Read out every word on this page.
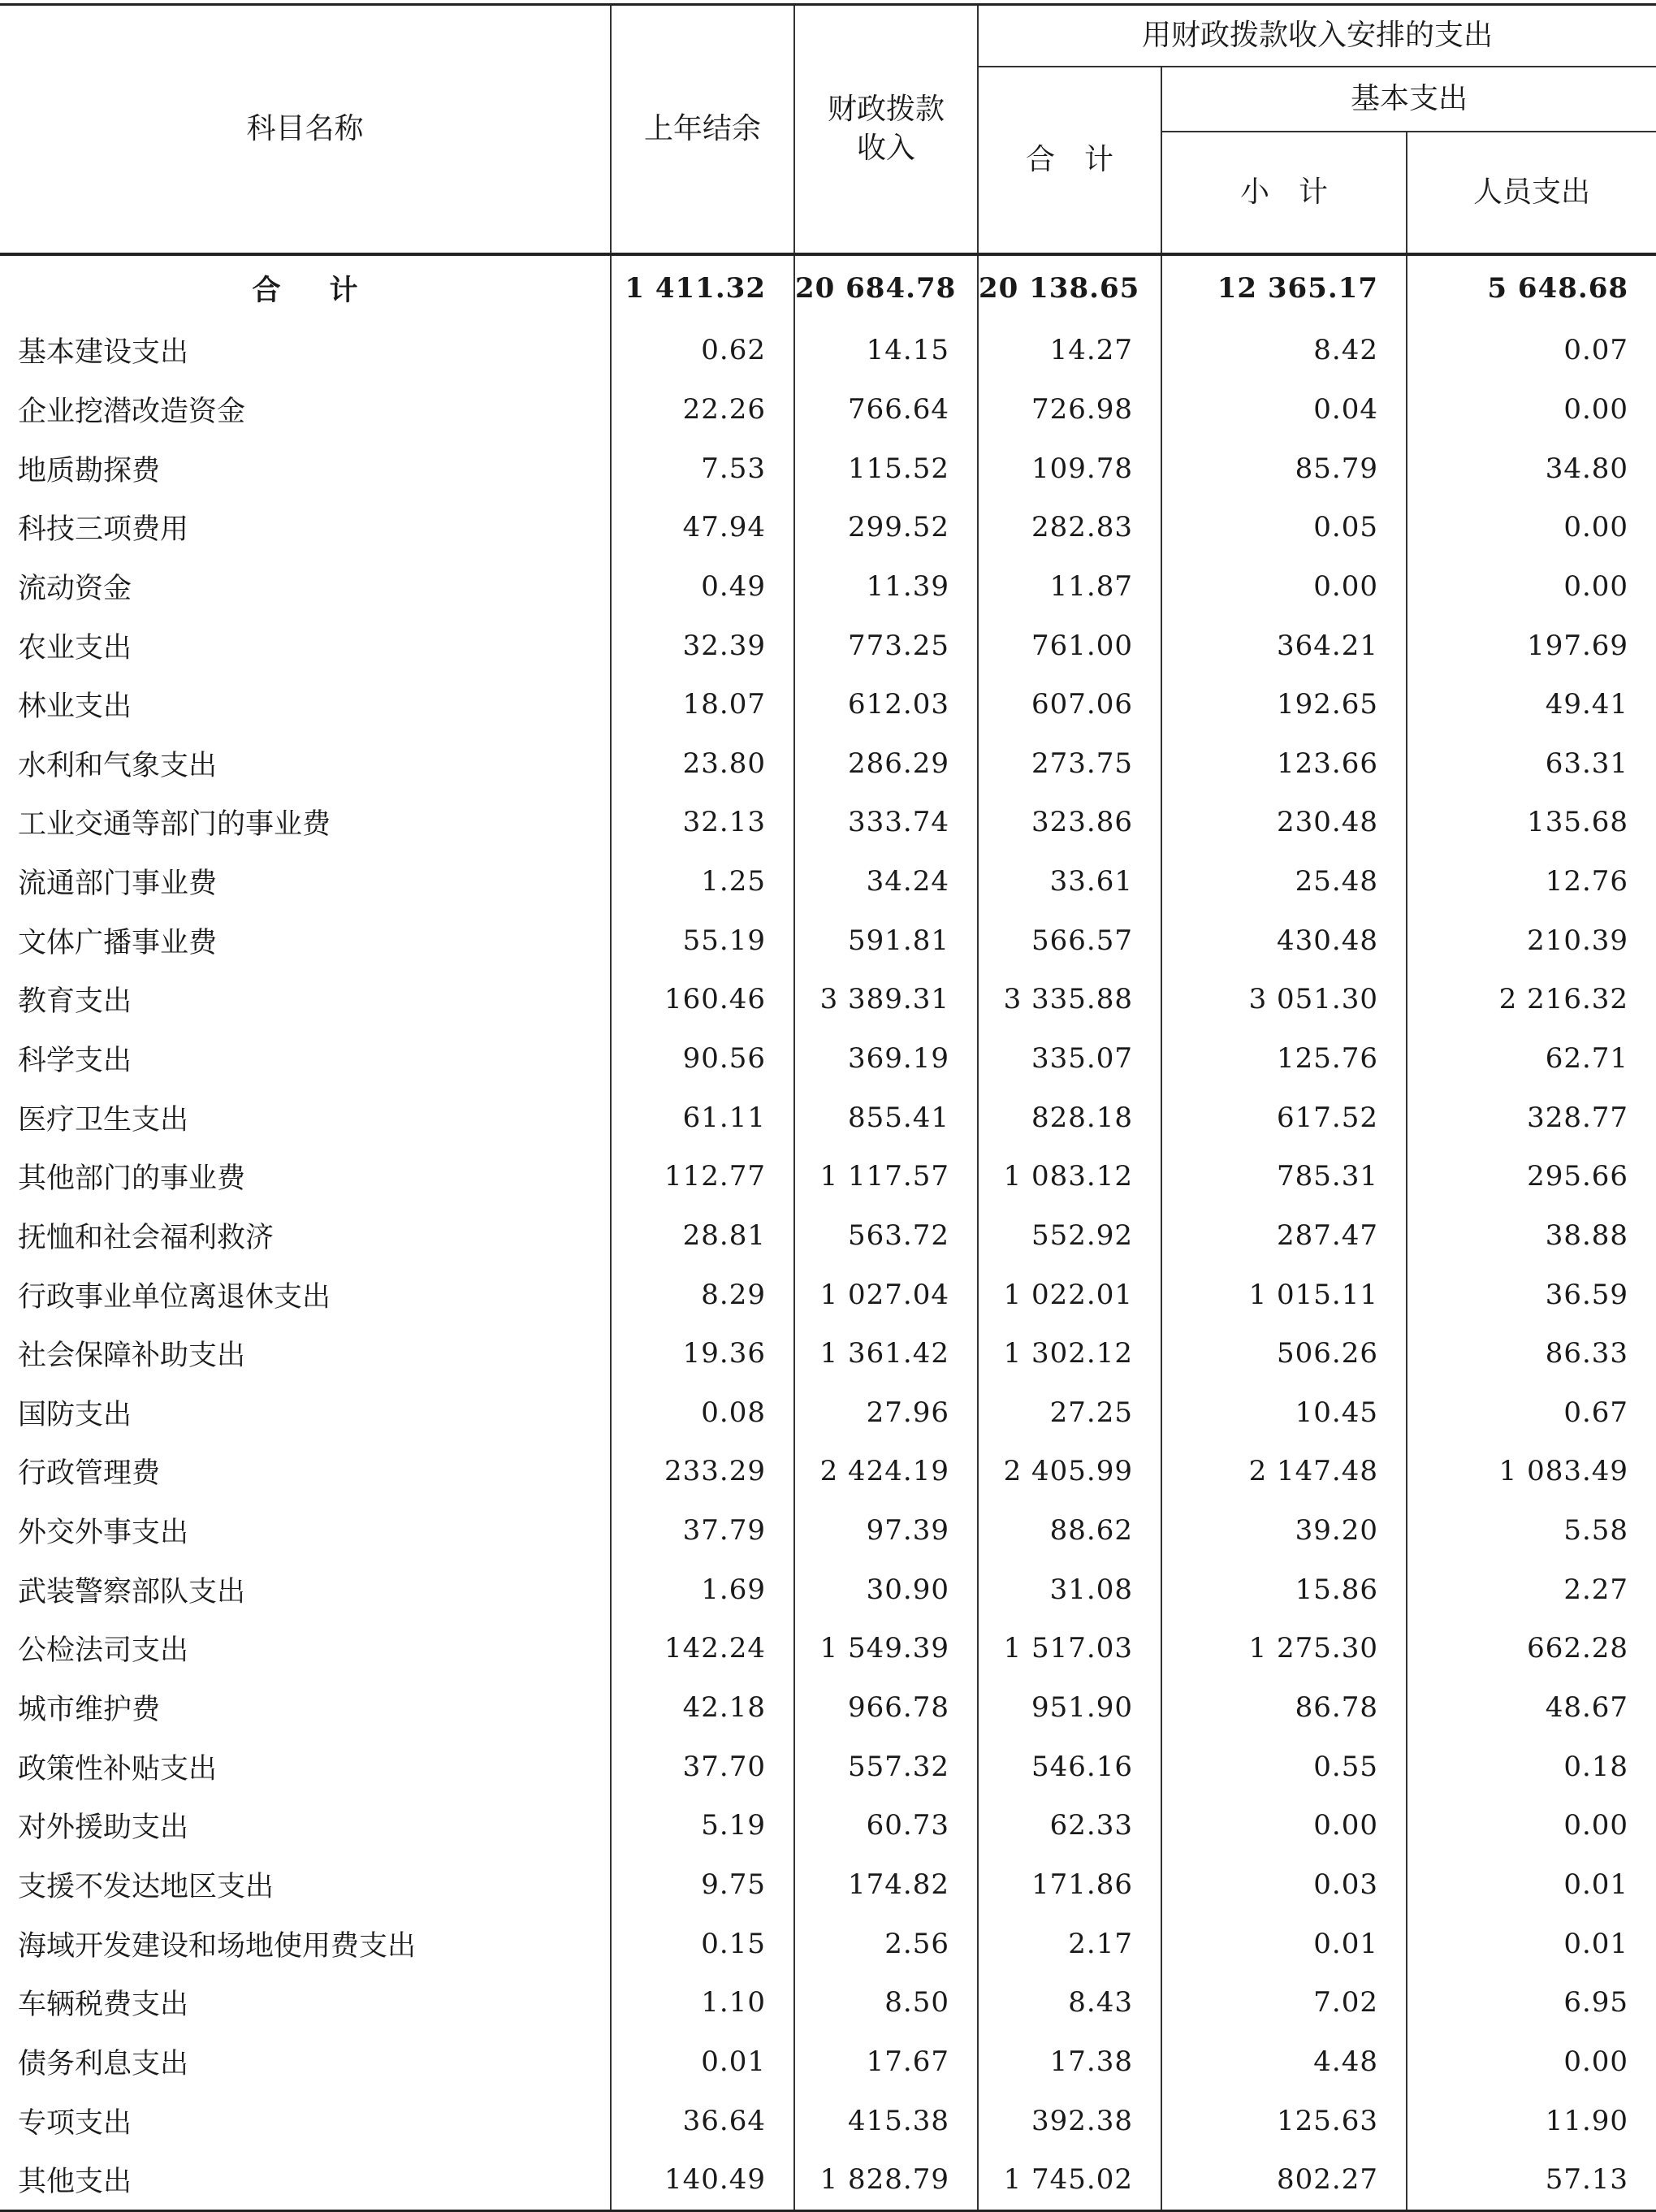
科目名称	上年结余	财政拨款
收入	用财政拨款收入安排的支出		
			合　计	基本支出	
				小　计	人员支出
合计	1 411.32	20 684.78	20 138.65	12 365.17	5 648.68
基本建设支出	0.62	14.15	14.27	8.42	0.07
企业挖潜改造资金	22.26	766.64	726.98	0.04	0.00
地质勘探费	7.53	115.52	109.78	85.79	34.80
科技三项费用	47.94	299.52	282.83	0.05	0.00
流动资金	0.49	11.39	11.87	0.00	0.00
农业支出	32.39	773.25	761.00	364.21	197.69
林业支出	18.07	612.03	607.06	192.65	49.41
水利和气象支出	23.80	286.29	273.75	123.66	63.31
工业交通等部门的事业费	32.13	333.74	323.86	230.48	135.68
流通部门事业费	1.25	34.24	33.61	25.48	12.76
文体广播事业费	55.19	591.81	566.57	430.48	210.39
教育支出	160.46	3 389.31	3 335.88	3 051.30	2 216.32
科学支出	90.56	369.19	335.07	125.76	62.71
医疗卫生支出	61.11	855.41	828.18	617.52	328.77
其他部门的事业费	112.77	1 117.57	1 083.12	785.31	295.66
抚恤和社会福利救济	28.81	563.72	552.92	287.47	38.88
行政事业单位离退休支出	8.29	1 027.04	1 022.01	1 015.11	36.59
社会保障补助支出	19.36	1 361.42	1 302.12	506.26	86.33
国防支出	0.08	27.96	27.25	10.45	0.67
行政管理费	233.29	2 424.19	2 405.99	2 147.48	1 083.49
外交外事支出	37.79	97.39	88.62	39.20	5.58
武装警察部队支出	1.69	30.90	31.08	15.86	2.27
公检法司支出	142.24	1 549.39	1 517.03	1 275.30	662.28
城市维护费	42.18	966.78	951.90	86.78	48.67
政策性补贴支出	37.70	557.32	546.16	0.55	0.18
对外援助支出	5.19	60.73	62.33	0.00	0.00
支援不发达地区支出	9.75	174.82	171.86	0.03	0.01
海域开发建设和场地使用费支出	0.15	2.56	2.17	0.01	0.01
车辆税费支出	1.10	8.50	8.43	7.02	6.95
债务利息支出	0.01	17.67	17.38	4.48	0.00
专项支出	36.64	415.38	392.38	125.63	11.90
其他支出	140.49	1 828.79	1 745.02	802.27	57.13
